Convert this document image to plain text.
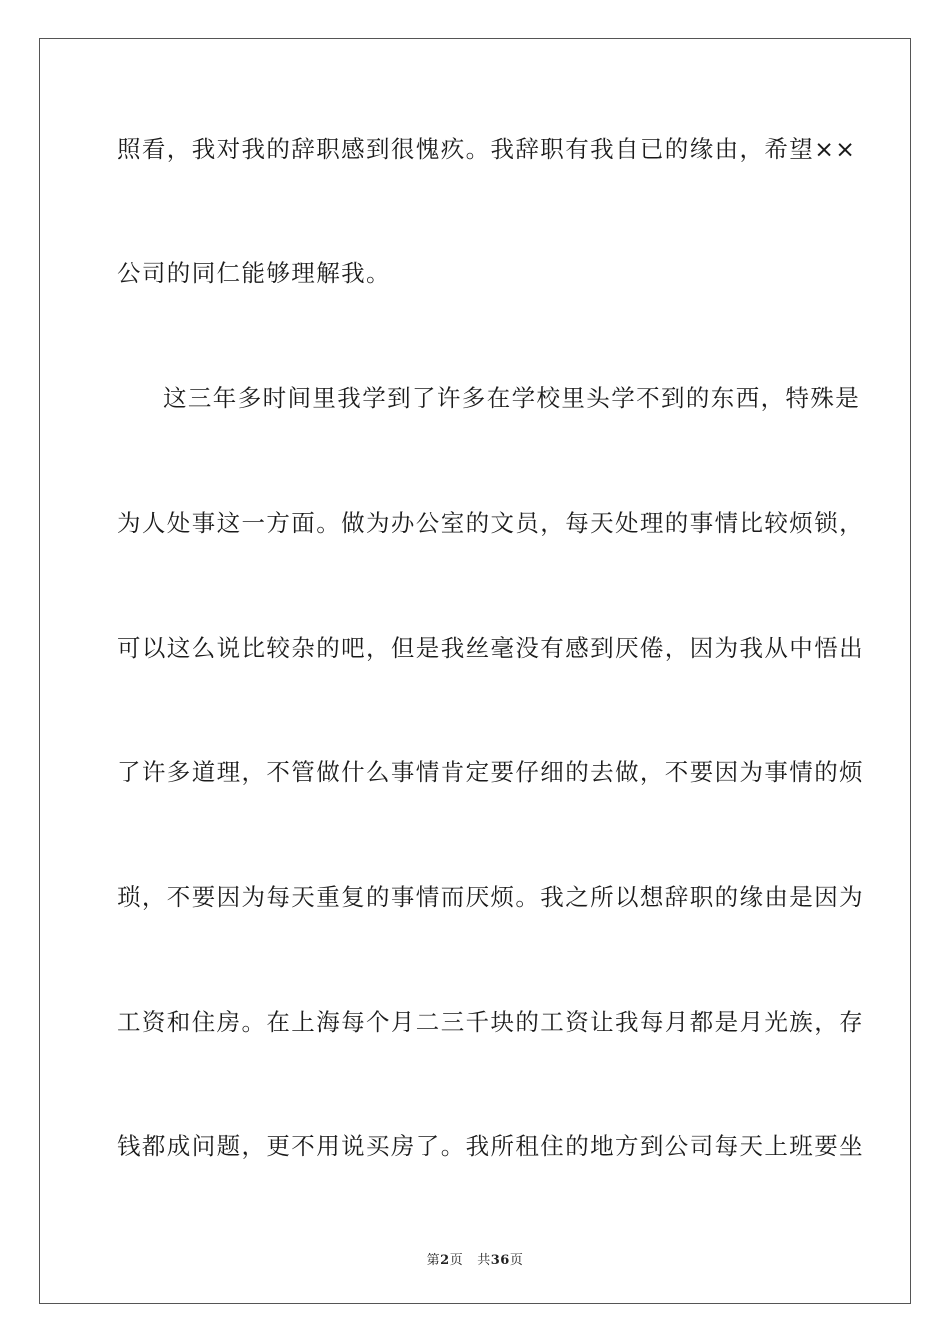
照看，我对我的辞职感到很愧疚。我辞职有我自已的缘由，希望××
公司的同仁能够理解我。
这三年多时间里我学到了许多在学校里头学不到的东西，特殊是
为人处事这一方面。做为办公室的文员，每天处理的事情比较烦锁，
可以这么说比较杂的吧，但是我丝毫没有感到厌倦，因为我从中悟出
了许多道理，不管做什么事情肯定要仔细的去做，不要因为事情的烦
琐，不要因为每天重复的事情而厌烦。我之所以想辞职的缘由是因为
工资和住房。在上海每个月二三千块的工资让我每月都是月光族，存
钱都成问题，更不用说买房了。我所租住的地方到公司每天上班要坐
第2页 共36页
